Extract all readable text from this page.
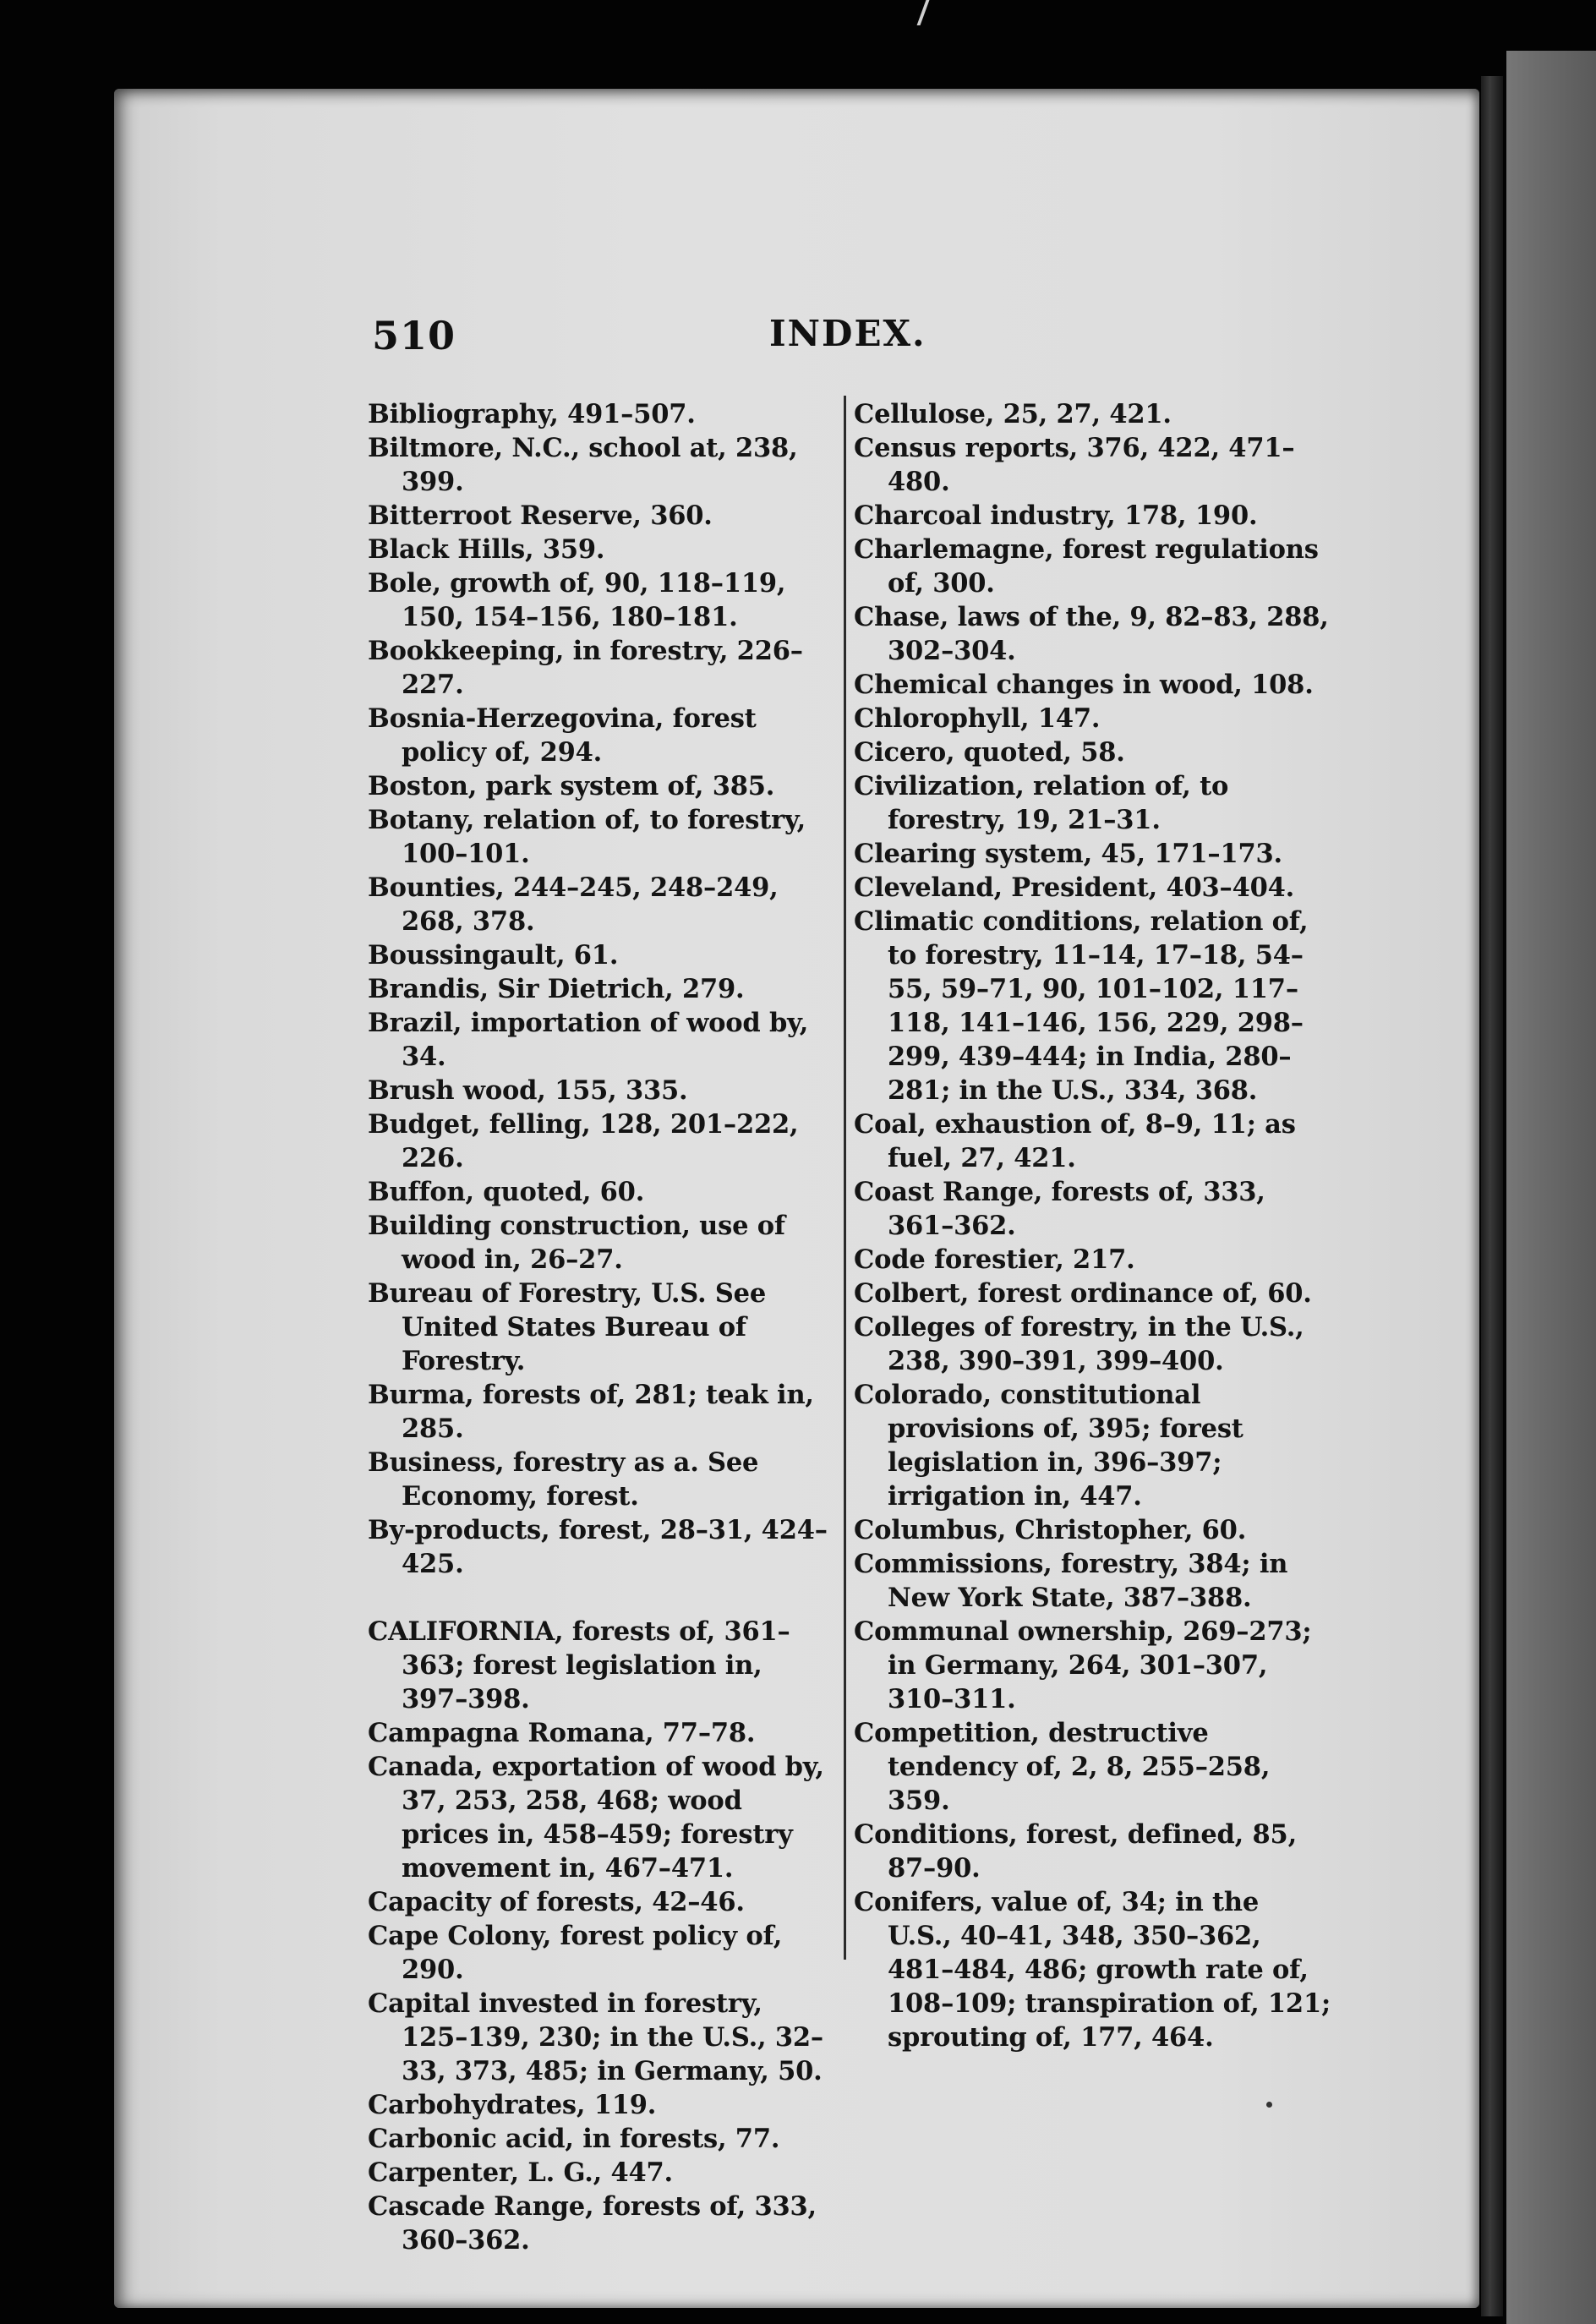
510	INDEX.
Bibliography, 491–507.
Biltmore, N.C., school at, 238, 399.
Bitterroot Reserve, 360.
Black Hills, 359.
Bole, growth of, 90, 118–119, 150, 154–156, 180–181.
Bookkeeping, in forestry, 226–227.
Bosnia-Herzegovina, forest policy of, 294.
Boston, park system of, 385.
Botany, relation of, to forestry, 100–101.
Bounties, 244–245, 248–249, 268, 378.
Boussingault, 61.
Brandis, Sir Dietrich, 279.
Brazil, importation of wood by, 34.
Brush wood, 155, 335.
Budget, felling, 128, 201–222, 226.
Buffon, quoted, 60.
Building construction, use of wood in, 26–27.
Bureau of Forestry, U.S. See United States Bureau of Forestry.
Burma, forests of, 281; teak in, 285.
Business, forestry as a. See Economy, forest.
By-products, forest, 28–31, 424–425.
CALIFORNIA, forests of, 361–363; forest legislation in, 397–398.
Campagna Romana, 77–78.
Canada, exportation of wood by, 37, 253, 258, 468; wood prices in, 458–459; forestry movement in, 467–471.
Capacity of forests, 42–46.
Cape Colony, forest policy of, 290.
Capital invested in forestry, 125–139, 230; in the U.S., 32–33, 373, 485; in Germany, 50.
Carbohydrates, 119.
Carbonic acid, in forests, 77.
Carpenter, L. G., 447.
Cascade Range, forests of, 333, 360–362.
Cellulose, 25, 27, 421.
Census reports, 376, 422, 471–480.
Charcoal industry, 178, 190.
Charlemagne, forest regulations of, 300.
Chase, laws of the, 9, 82–83, 288, 302–304.
Chemical changes in wood, 108.
Chlorophyll, 147.
Cicero, quoted, 58.
Civilization, relation of, to forestry, 19, 21–31.
Clearing system, 45, 171–173.
Cleveland, President, 403–404.
Climatic conditions, relation of, to forestry, 11–14, 17–18, 54–55, 59–71, 90, 101–102, 117–118, 141–146, 156, 229, 298–299, 439–444; in India, 280–281; in the U.S., 334, 368.
Coal, exhaustion of, 8–9, 11; as fuel, 27, 421.
Coast Range, forests of, 333, 361–362.
Code forestier, 217.
Colbert, forest ordinance of, 60.
Colleges of forestry, in the U.S., 238, 390–391, 399–400.
Colorado, constitutional provisions of, 395; forest legislation in, 396–397; irrigation in, 447.
Columbus, Christopher, 60.
Commissions, forestry, 384; in New York State, 387–388.
Communal ownership, 269–273; in Germany, 264, 301–307, 310–311.
Competition, destructive tendency of, 2, 8, 255–258, 359.
Conditions, forest, defined, 85, 87–90.
Conifers, value of, 34; in the U.S., 40–41, 348, 350–362, 481–484, 486; growth rate of, 108–109; transpiration of, 121; sprouting of, 177, 464.
